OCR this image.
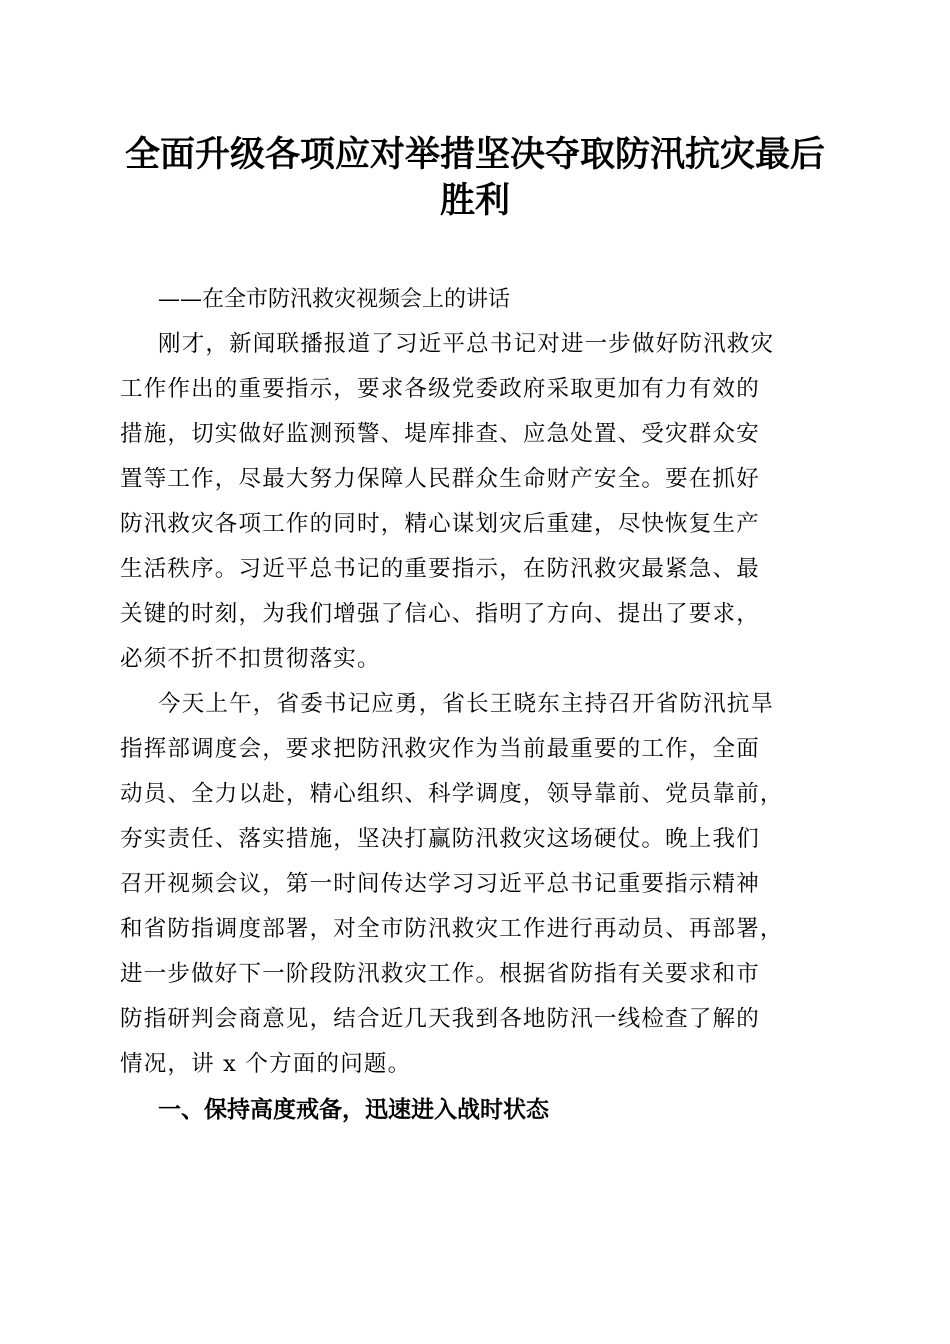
全面升级各项应对举措坚决夺取防汛抗灾最后
胜利

——在全市防汛救灾视频会上的讲话

刚才，新闻联播报道了习近平总书记对进一步做好防汛救灾
工作作出的重要指示，要求各级党委政府采取更加有力有效的
措施，切实做好监测预警、堤库排查、应急处置、受灾群众安
置等工作，尽最大努力保障人民群众生命财产安全。要在抓好
防汛救灾各项工作的同时，精心谋划灾后重建，尽快恢复生产
生活秩序。习近平总书记的重要指示，在防汛救灾最紧急、最
关键的时刻，为我们增强了信心、指明了方向、提出了要求，
必须不折不扣贯彻落实。

今天上午，省委书记应勇，省长王晓东主持召开省防汛抗旱
指挥部调度会，要求把防汛救灾作为当前最重要的工作，全面
动员、全力以赴，精心组织、科学调度，领导靠前、党员靠前，
夯实责任、落实措施，坚决打赢防汛救灾这场硬仗。晚上我们
召开视频会议，第一时间传达学习习近平总书记重要指示精神
和省防指调度部署，对全市防汛救灾工作进行再动员、再部署，
进一步做好下一阶段防汛救灾工作。根据省防指有关要求和市
防指研判会商意见，结合近几天我到各地防汛一线检查了解的
情况，讲 x 个方面的问题。

一、保持高度戒备，迅速进入战时状态
